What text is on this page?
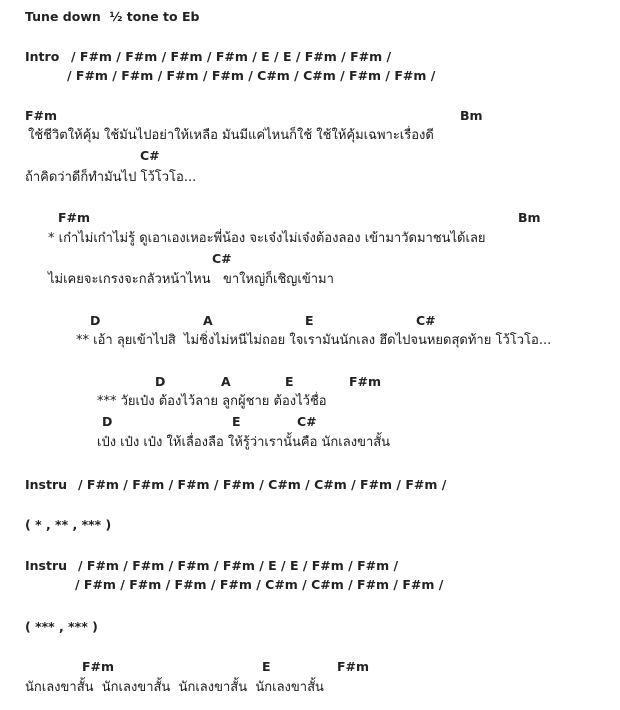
Tune down  ½ tone to Eb
Intro / F#m / F#m / F#m / F#m / E / E / F#m / F#m /
/ F#m / F#m / F#m / F#m / C#m / C#m / F#m / F#m /
F#m	Bm
ใช้ชีวิตให้คุ้ม ใช้มันไปอย่าให้เหลือ มันมีแค่ไหนก็ใช้ ใช้ให้คุ้มเฉพาะเรื่องดี
C#
ถ้าคิดว่าดีก็ทำมันไป โว้โวโอ...
F#m	Bm
* เก๋าไม่เก๋าไม่รู้ ดูเอาเองเหอะพี่น้อง จะเจ๋งไม่เจ๋งต้องลอง เข้ามาวัดมาชนได้เลย
C#
ไม่เคยจะเกรงจะกลัวหน้าไหน   ขาใหญ่ก็เชิญเข้ามา
D	A	E	C#
** เอ้า ลุยเข้าไปสิ  ไม่ชิ่งไม่หนีไม่ถอย ใจเรามันนักเลง ฮึดไปจนหยดสุดท้าย โว้โวโอ...
D	A	E	F#m
*** วัยเป๋ง ต้องไว้ลาย ลูกผู้ชาย ต้องไว้ชื่อ
D	E	C#
เป๋ง เป๋ง เป๋ง ให้เลื่องลือ ให้รู้ว่าเรานั้นคือ นักเลงขาสั้น
Instru / F#m / F#m / F#m / F#m / C#m / C#m / F#m / F#m /
( * , ** , *** )
Instru / F#m / F#m / F#m / F#m / E / E / F#m / F#m /
/ F#m / F#m / F#m / F#m / C#m / C#m / F#m / F#m /
( *** , *** )
F#m	E	F#m
นักเลงขาสั้น  นักเลงขาสั้น  นักเลงขาสั้น  นักเลงขาสั้น
